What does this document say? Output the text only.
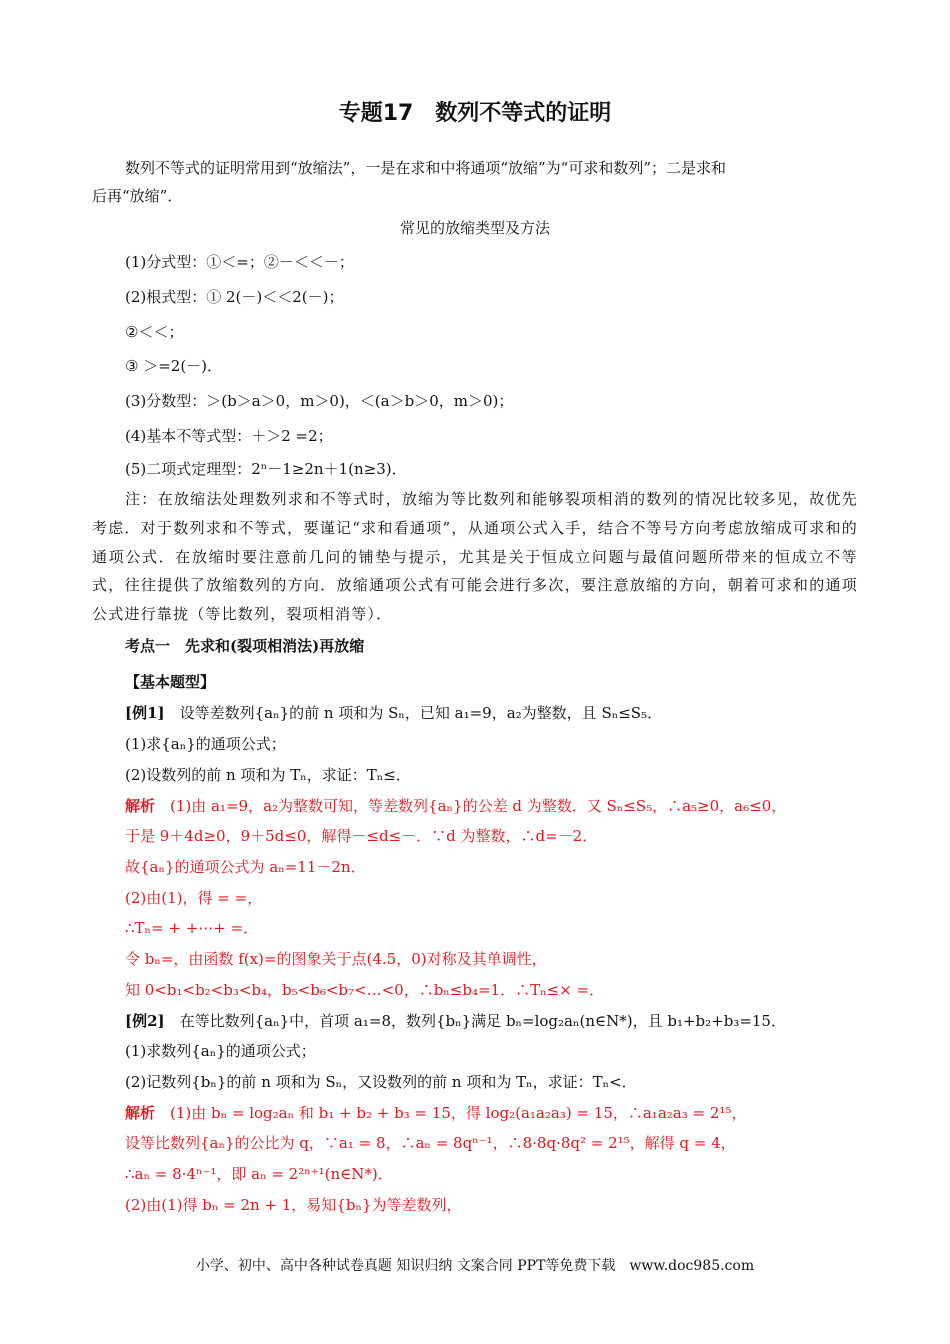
专题17　数列不等式的证明
数列不等式的证明常用到“放缩法”，一是在求和中将通项“放缩”为“可求和数列”；二是求和
后再“放缩”．
常见的放缩类型及方法
(1)分式型：①＜=；②－＜＜－；
(2)根式型：① 2(－)＜＜2(－)；
②＜＜；
③ ＞=2(－)．
(3)分数型：＞(b＞a＞0，m＞0)，＜(a＞b＞0，m＞0)；
(4)基本不等式型：＋＞2 =2；
(5)二项式定理型：2ⁿ－1≥2n＋1(n≥3)．
注：在放缩法处理数列求和不等式时，放缩为等比数列和能够裂项相消的数列的情况比较多见，故优先考虑．对于数列求和不等式，要谨记“求和看通项”，从通项公式入手，结合不等号方向考虑放缩成可求和的通项公式．在放缩时要注意前几问的铺垫与提示，尤其是关于恒成立问题与最值问题所带来的恒成立不等式，往往提供了放缩数列的方向．放缩通项公式有可能会进行多次，要注意放缩的方向，朝着可求和的通项公式进行靠拢（等比数列，裂项相消等）．
考点一　先求和(裂项相消法)再放缩
【基本题型】
[例1]　设等差数列{aₙ}的前 n 项和为 Sₙ，已知 a₁=9，a₂为整数，且 Sₙ≤S₅．
(1)求{aₙ}的通项公式；
(2)设数列的前 n 项和为 Tₙ，求证：Tₙ≤．
解析　(1)由 a₁=9，a₂为整数可知，等差数列{aₙ}的公差 d 为整数．又 Sₙ≤S₅，∴a₅≥0，a₆≤0，
于是 9＋4d≥0，9＋5d≤0，解得－≤d≤－．∵d 为整数，∴d=－2．
故{aₙ}的通项公式为 aₙ=11－2n．
(2)由(1)，得 = =，
∴Tₙ= + +⋯+ =．
令 bₙ=，由函数 f(x)=的图象关于点(4.5，0)对称及其单调性，
知 0<b₁<b₂<b₃<b₄，b₅<b₆<b₇<…<0，∴bₙ≤b₄=1．∴Tₙ≤× =．
[例2]　在等比数列{aₙ}中，首项 a₁=8，数列{bₙ}满足 bₙ=log₂aₙ(n∈N*)，且 b₁+b₂+b₃=15．
(1)求数列{aₙ}的通项公式；
(2)记数列{bₙ}的前 n 项和为 Sₙ，又设数列的前 n 项和为 Tₙ，求证：Tₙ<．
解析　(1)由 bₙ = log₂aₙ 和 b₁ + b₂ + b₃ = 15，得 log₂(a₁a₂a₃) = 15，∴a₁a₂a₃ = 2¹⁵，
设等比数列{aₙ}的公比为 q，∵a₁ = 8，∴aₙ = 8qⁿ⁻¹，∴8·8q·8q² = 2¹⁵，解得 q = 4，
∴aₙ = 8·4ⁿ⁻¹，即 aₙ = 2²ⁿ⁺¹(n∈N*)．
(2)由(1)得 bₙ = 2n + 1，易知{bₙ}为等差数列，
小学、初中、高中各种试卷真题 知识归纳 文案合同 PPT等免费下载　www.doc985.com
